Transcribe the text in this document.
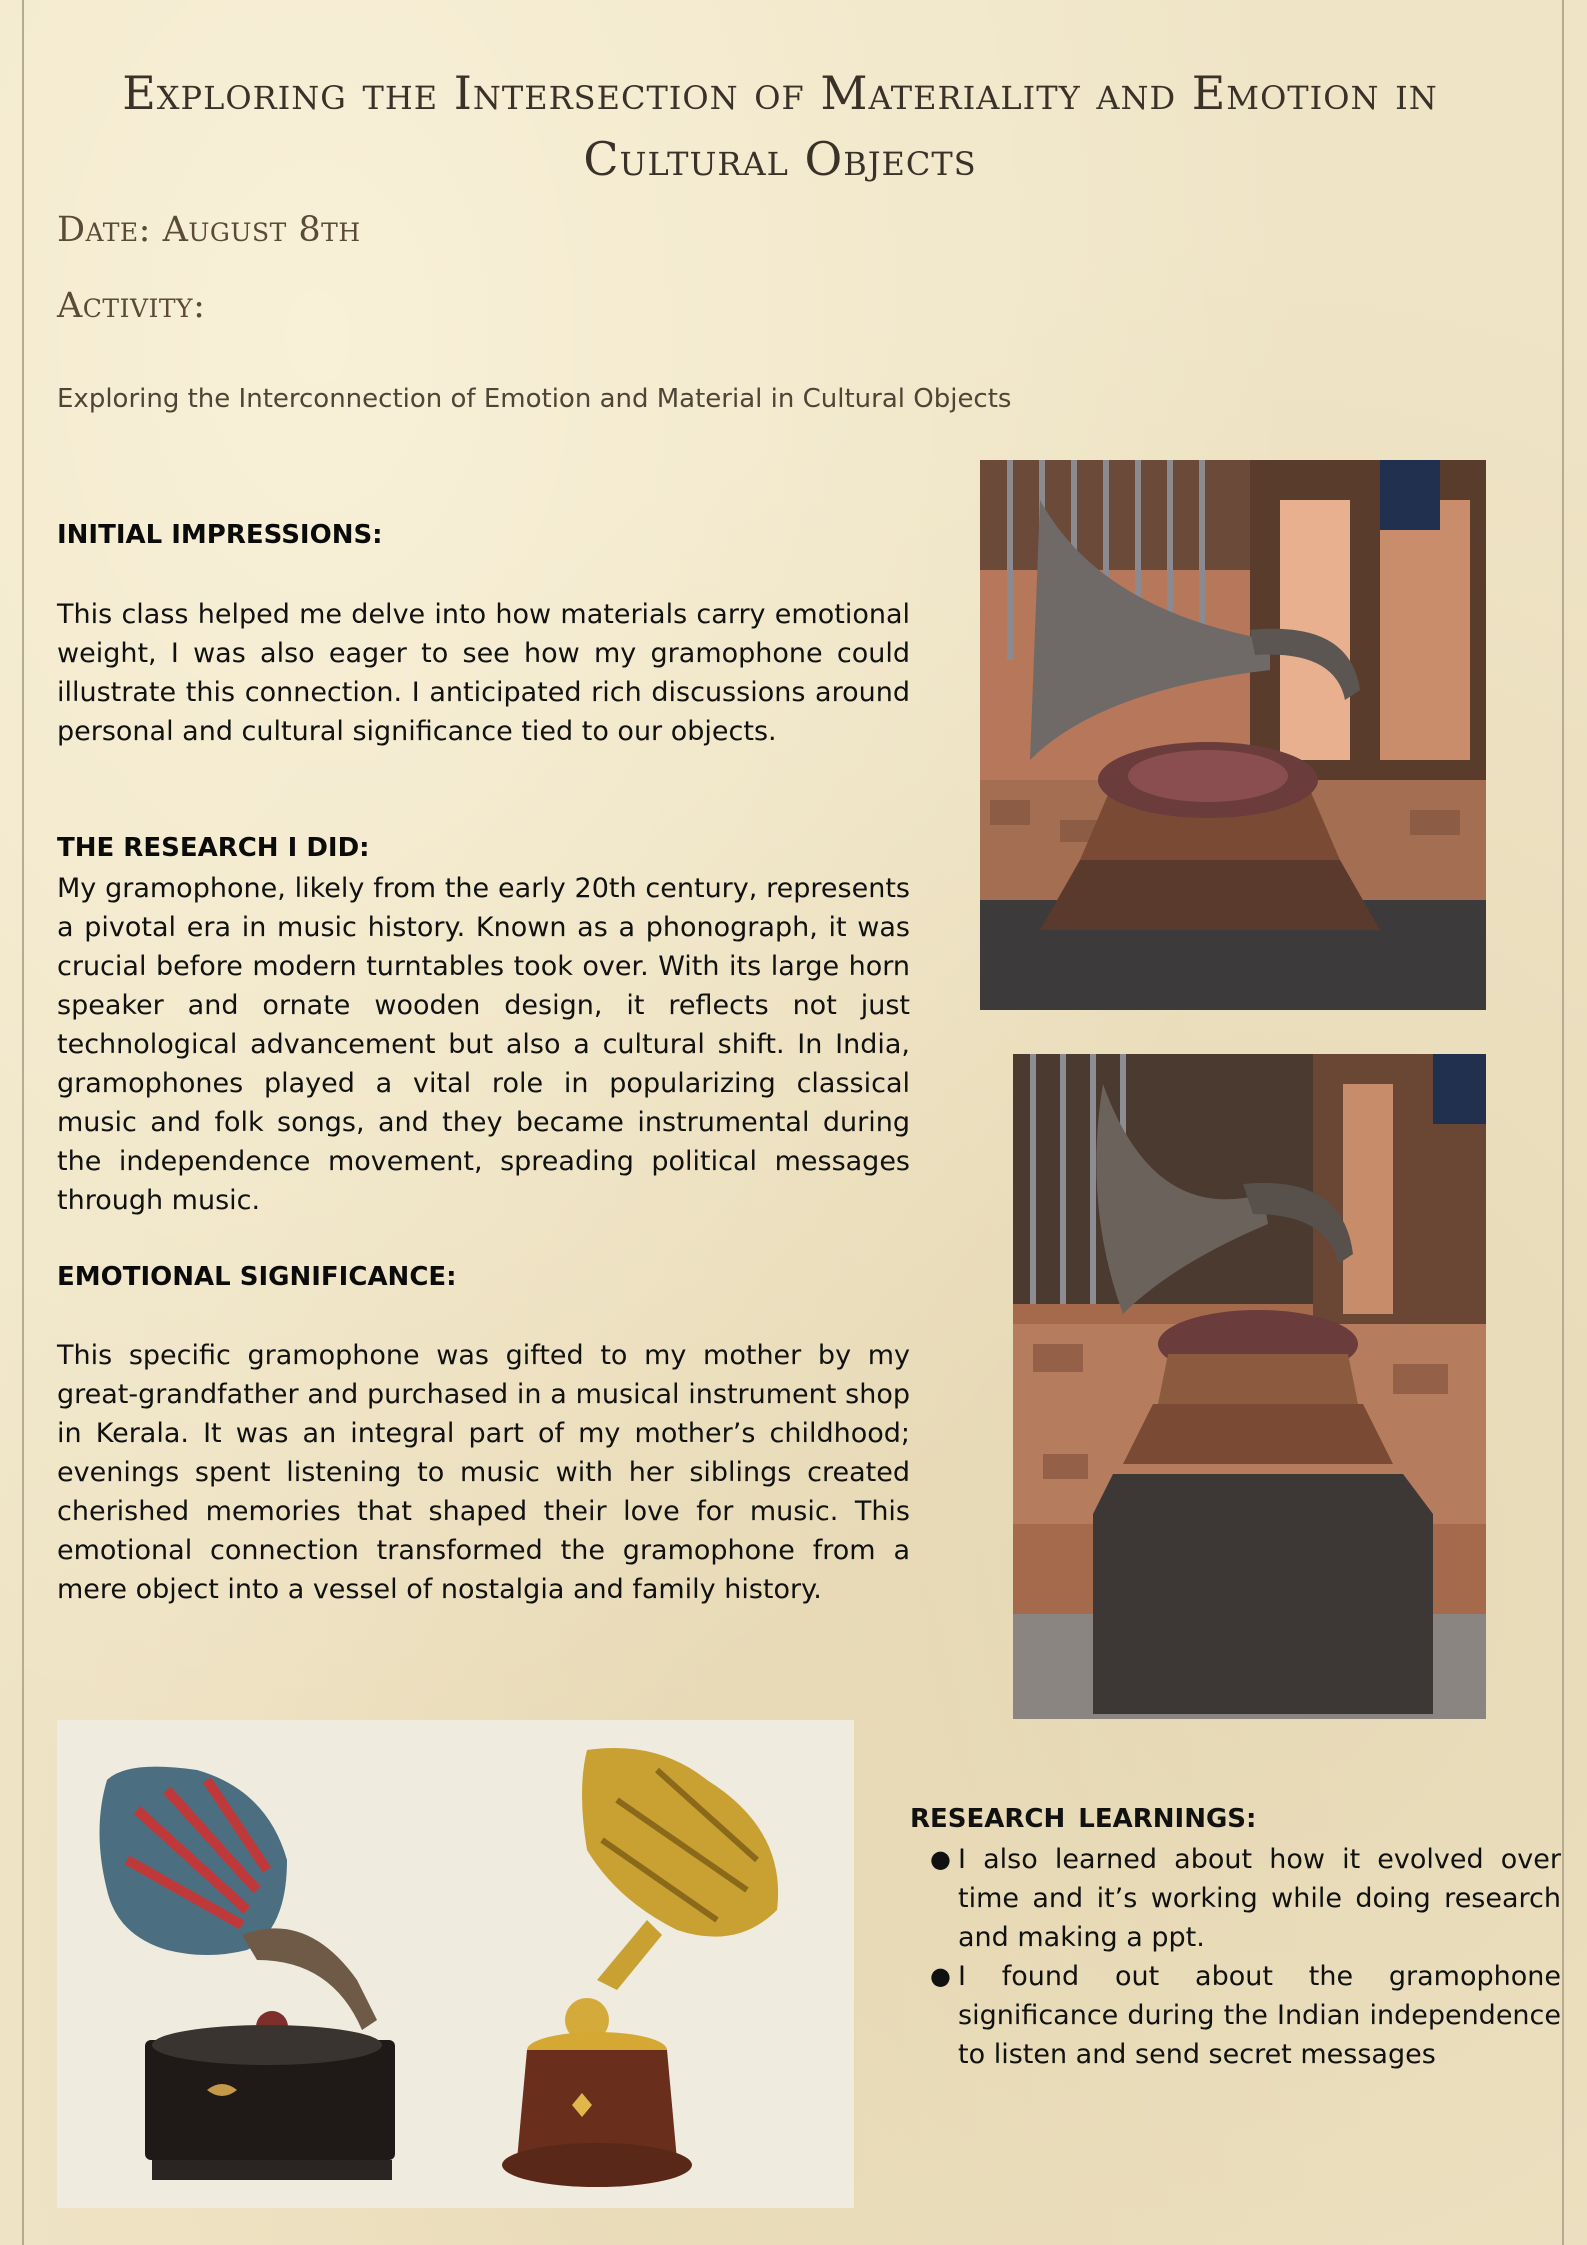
Exploring the Intersection of Materiality and Emotion in Cultural Objects
Date: August 8th
Activity:

Exploring the Interconnection of Emotion and Material in Cultural Objects

INITIAL IMPRESSIONS:

This class helped me delve into how materials carry emotional weight, I was also eager to see how my gramophone could illustrate this connection. I anticipated rich discussions around personal and cultural significance tied to our objects.

THE RESEARCH I DID:

My gramophone, likely from the early 20th century, represents a pivotal era in music history. Known as a phonograph, it was crucial before modern turntables took over. With its large horn speaker and ornate wooden design, it reflects not just technological advancement but also a cultural shift. In India, gramophones played a vital role in popularizing classical music and folk songs, and they became instrumental during the independence movement, spreading political messages through music.

EMOTIONAL SIGNIFICANCE:

This specific gramophone was gifted to my mother by my great-grandfather and purchased in a musical instrument shop in Kerala. It was an integral part of my mother’s childhood; evenings spent listening to music with her siblings created cherished memories that shaped their love for music. This emotional connection transformed the gramophone from a mere object into a vessel of nostalgia and family history.

RESEARCH LEARNINGS:

● I also learned about how it evolved over time and it’s working while doing research and making a ppt.
● I found out about the gramophone significance during the Indian independence to listen and send secret messages
